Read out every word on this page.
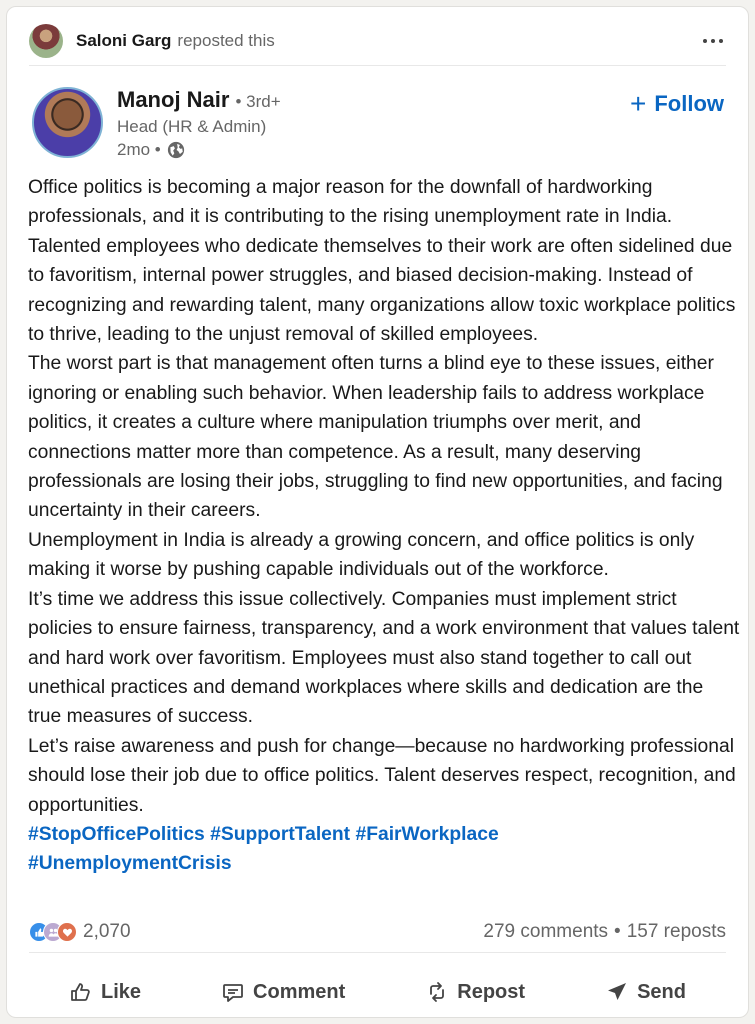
Saloni Garg reposted this
Manoj Nair • 3rd+
Head (HR & Admin)
2mo •
+ Follow

Office politics is becoming a major reason for the downfall of hardworking professionals, and it is contributing to the rising unemployment rate in India. Talented employees who dedicate themselves to their work are often sidelined due to favoritism, internal power struggles, and biased decision-making. Instead of recognizing and rewarding talent, many organizations allow toxic workplace politics to thrive, leading to the unjust removal of skilled employees.

The worst part is that management often turns a blind eye to these issues, either ignoring or enabling such behavior. When leadership fails to address workplace politics, it creates a culture where manipulation triumphs over merit, and connections matter more than competence. As a result, many deserving professionals are losing their jobs, struggling to find new opportunities, and facing uncertainty in their careers.

Unemployment in India is already a growing concern, and office politics is only making it worse by pushing capable individuals out of the workforce.

It’s time we address this issue collectively. Companies must implement strict policies to ensure fairness, transparency, and a work environment that values talent and hard work over favoritism. Employees must also stand together to call out unethical practices and demand workplaces where skills and dedication are the true measures of success.

Let’s raise awareness and push for change—because no hardworking professional should lose their job due to office politics. Talent deserves respect, recognition, and opportunities.

#StopOfficePolitics #SupportTalent #FairWorkplace
#UnemploymentCrisis

2,070	279 comments • 157 reposts
Like	Comment	Repost	Send
